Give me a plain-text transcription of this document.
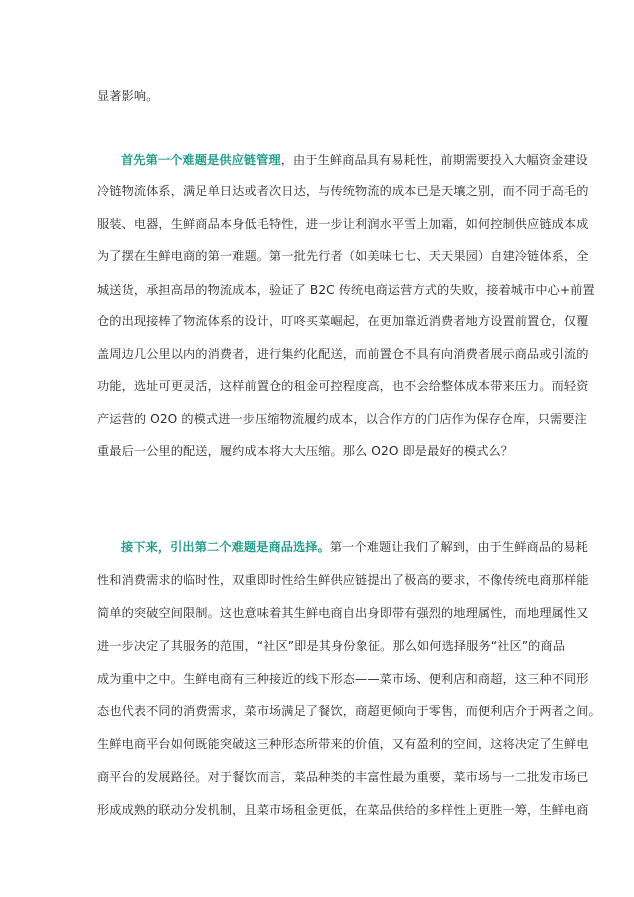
显著影响。
首先第一个难题是供应链管理，由于生鲜商品具有易耗性，前期需要投入大幅资金建设
冷链物流体系，满足单日达或者次日达，与传统物流的成本已是天壤之别，而不同于高毛的
服装、电器，生鲜商品本身低毛特性，进一步让利润水平雪上加霜，如何控制供应链成本成
为了摆在生鲜电商的第一难题。第一批先行者（如美味七七、天天果园）自建冷链体系，全
城送货，承担高昂的物流成本，验证了 B2C 传统电商运营方式的失败，接着城市中心+前置
仓的出现接棒了物流体系的设计，叮咚买菜崛起，在更加靠近消费者地方设置前置仓，仅覆
盖周边几公里以内的消费者，进行集约化配送，而前置仓不具有向消费者展示商品或引流的
功能，选址可更灵活，这样前置仓的租金可控程度高，也不会给整体成本带来压力。而轻资
产运营的 O2O 的模式进一步压缩物流履约成本，以合作方的门店作为保存仓库，只需要注
重最后一公里的配送，履约成本将大大压缩。那么 O2O 即是最好的模式么？
接下来，引出第二个难题是商品选择。第一个难题让我们了解到，由于生鲜商品的易耗
性和消费需求的临时性，双重即时性给生鲜供应链提出了极高的要求，不像传统电商那样能
简单的突破空间限制。这也意味着其生鲜电商自出身即带有强烈的地理属性，而地理属性又
进一步决定了其服务的范围，“社区”即是其身份象征。那么如何选择服务“社区”的商品
成为重中之中。生鲜电商有三种接近的线下形态——菜市场、便利店和商超，这三种不同形
态也代表不同的消费需求，菜市场满足了餐饮，商超更倾向于零售，而便利店介于两者之间。
生鲜电商平台如何既能突破这三种形态所带来的价值，又有盈利的空间，这将决定了生鲜电
商平台的发展路径。对于餐饮而言，菜品种类的丰富性最为重要，菜市场与一二批发市场已
形成成熟的联动分发机制，且菜市场租金更低，在菜品供给的多样性上更胜一筹，生鲜电商
